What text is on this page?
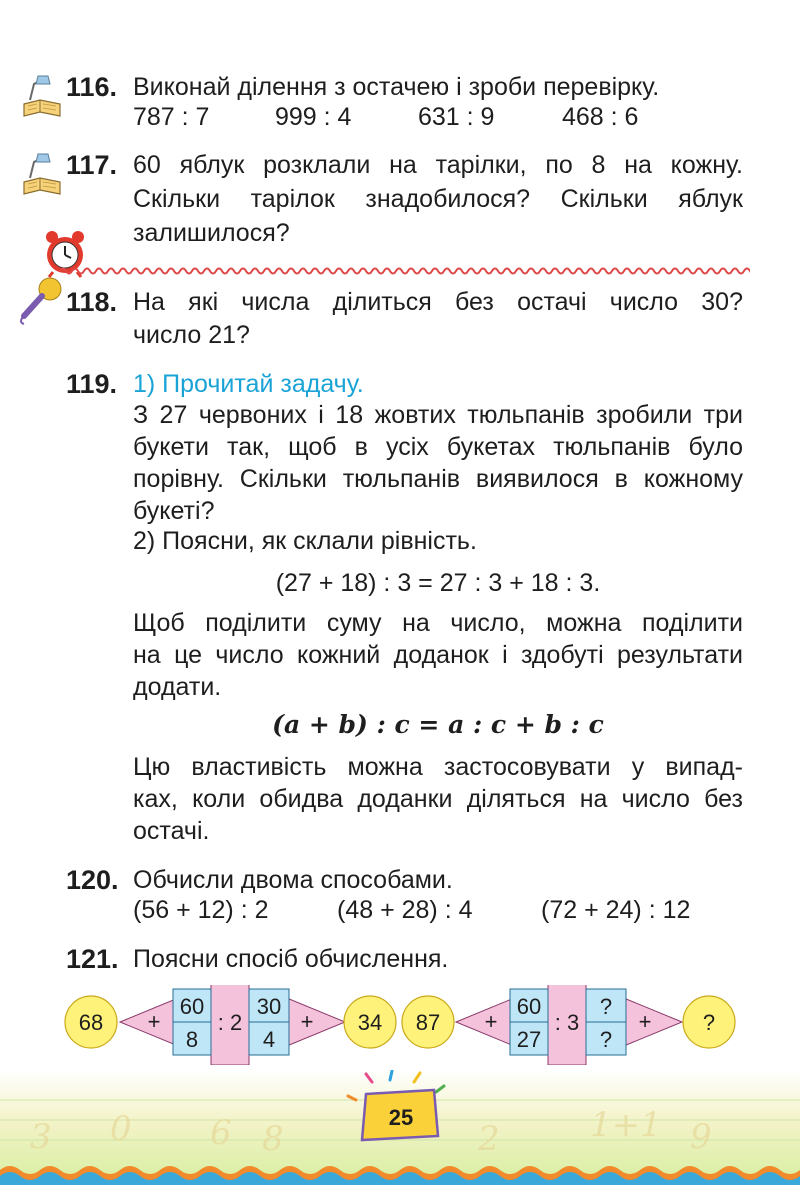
116. Виконай ділення з остачею і зроби перевірку.
787 : 7	999 : 4	631 : 9	468 : 6
117. 60 яблук розклали на тарілки, по 8 на кожну.
Скільки тарілок знадобилося? Скільки яблук
залишилося?
118. На які числа ділиться без остачі число 30?
число 21?
119. 1) Прочитай задачу.
З 27 червоних і 18 жовтих тюльпанів зробили три
букети так, щоб в усіх букетах тюльпанів було
порівну. Скільки тюльпанів виявилося в кожному
букеті?
2) Поясни, як склали рівність.
(27 + 18) : 3 = 27 : 3 + 18 : 3.
Щоб поділити суму на число, можна поділити
на це число кожний доданок і здобуті результати
додати.
(a + b) : c = a : c + b : c
Цю властивість можна застосовувати у випад-
ках, коли обидва доданки діляться на число без
остачі.
120. Обчисли двома способами.
(56 + 12) : 2	(48 + 28) : 4	(72 + 24) : 12
121. Поясни спосіб обчислення.
68 +
60
8
: 2
30
4
+ 34 87 +
60
27
: 3
?
?
+ ?
3 0 6 8	2	1+1 9
25
